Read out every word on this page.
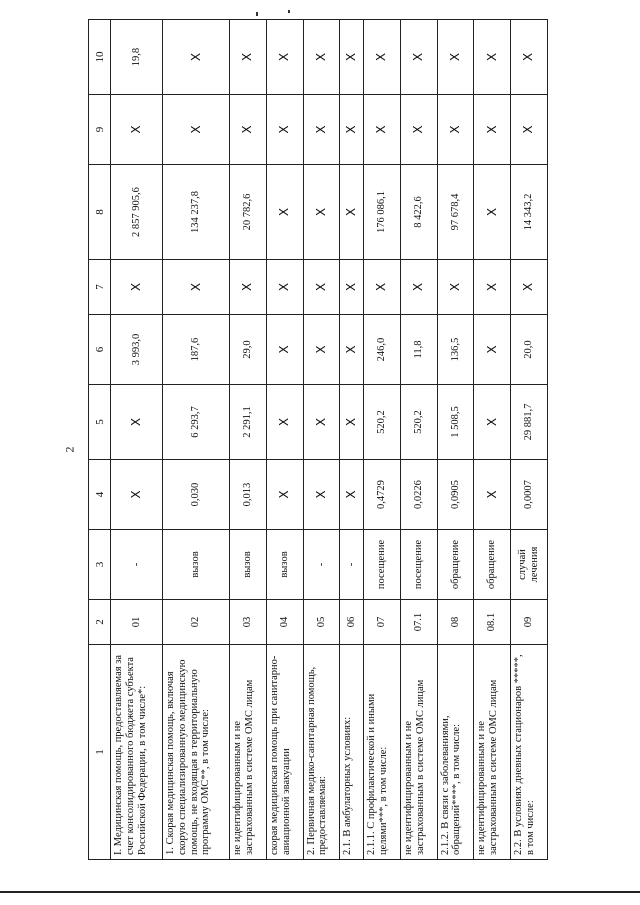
2
1	2	3	4	5	6	7	8	9	10
I. Медицинская помощь, предоставляемая за счет консолидированного бюджета субъекта Российской Федерации, в том числе*:	01	-	X	X	3 993,0	X	2 857 905,6	X	19,8
1. Скорая медицинская помощь, включая скорую специализированную медицинскую помощь, не входящая в территориальную программу ОМС**, в том числе:	02	вызов	0,030	6 293,7	187,6	X	134 237,8	X	X
не идентифицированным и не застрахованным в системе ОМС лицам	03	вызов	0,013	2 291,1	29,0	X	20 782,6	X	X
скорая медицинская помощь при санитарно-авиационной эвакуации	04	вызов	X	X	X	X	X	X	X
2. Первичная медико-санитарная помощь, предоставляемая:	05	-	X	X	X	X	X	X	X
2.1. В амбулаторных условиях:	06	-	X	X	X	X	X	X	X
2.1.1. С профилактической и иными целями***, в том числе:	07	посещение	0,4729	520,2	246,0	X	176 086,1	X	X
не идентифицированным и не застрахованным в системе ОМС лицам	07.1	посещение	0,0226	520,2	11,8	X	8 422,6	X	X
2.1.2. В связи с заболеваниями, обращений****, в том числе:	08	обращение	0,0905	1 508,5	136,5	X	97 678,4	X	X
не идентифицированным и не застрахованным в системе ОМС лицам	08.1	обращение	X	X	X	X	X	X	X
2.2. В условиях дневных стационаров *****, в том числе:	09	случай лечения	0,0007	29 881,7	20,0	X	14 343,2	X	X
